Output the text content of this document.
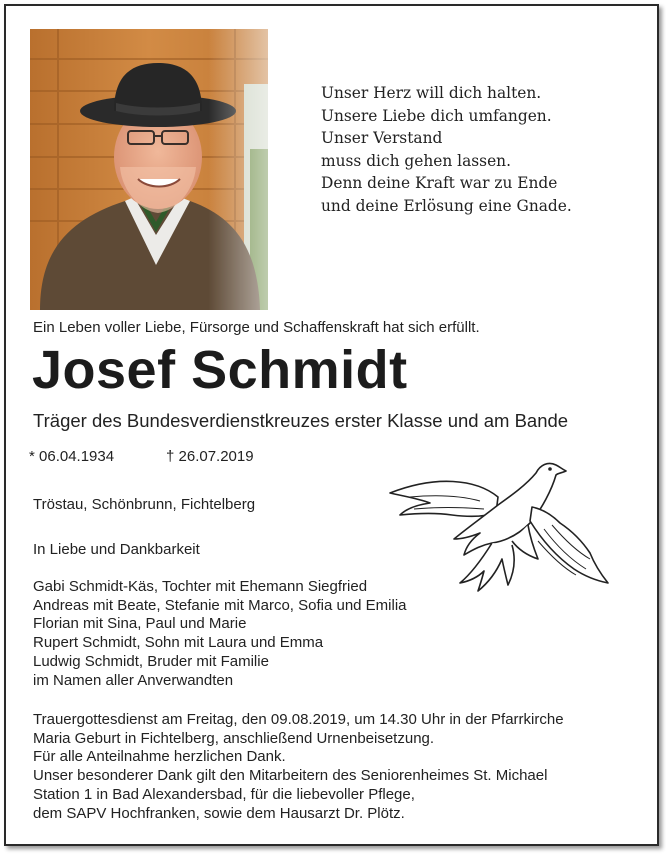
Unser Herz will dich halten.
Unsere Liebe dich umfangen.
Unser Verstand
muss dich gehen lassen.
Denn deine Kraft war zu Ende
und deine Erlösung eine Gnade.
Ein Leben voller Liebe, Fürsorge und Schaffenskraft hat sich erfüllt.
Josef Schmidt
Träger des Bundesverdienstkreuzes erster Klasse und am Bande
* 06.04.1934	† 26.07.2019
Tröstau, Schönbrunn, Fichtelberg
In Liebe und Dankbarkeit
Gabi Schmidt-Käs, Tochter mit Ehemann Siegfried
Andreas mit Beate, Stefanie mit Marco, Sofia und Emilia
Florian mit Sina, Paul und Marie
Rupert Schmidt, Sohn mit Laura und Emma
Ludwig Schmidt, Bruder mit Familie
im Namen aller Anverwandten
Trauergottesdienst am Freitag, den 09.08.2019, um 14.30 Uhr in der Pfarrkirche
Maria Geburt in Fichtelberg, anschließend Urnenbeisetzung.
Für alle Anteilnahme herzlichen Dank.
Unser besonderer Dank gilt den Mitarbeitern des Seniorenheimes St. Michael
Station 1 in Bad Alexandersbad, für die liebevoller Pflege,
dem SAPV Hochfranken, sowie dem Hausarzt Dr. Plötz.
